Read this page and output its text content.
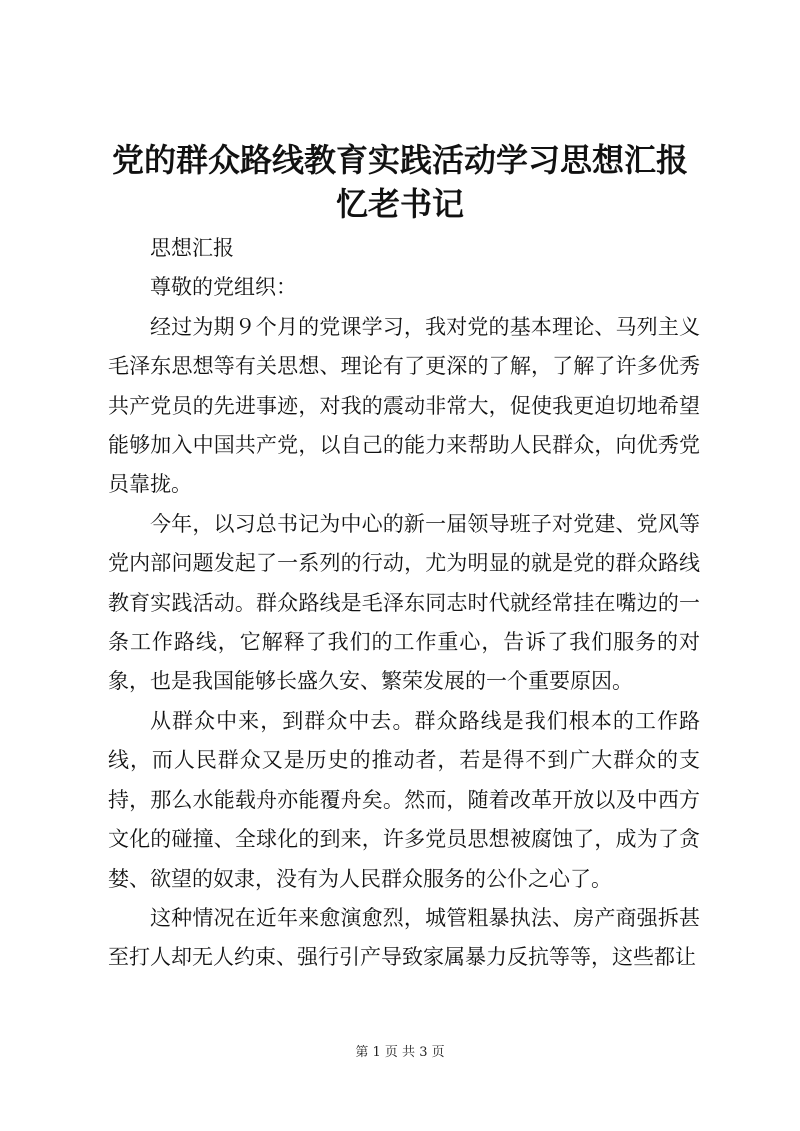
党的群众路线教育实践活动学习思想汇报忆老书记

思想汇报

尊敬的党组织：

经过为期９个月的党课学习，我对党的基本理论、马列主义毛泽东思想等有关思想、理论有了更深的了解，了解了许多优秀共产党员的先进事迹，对我的震动非常大，促使我更迫切地希望能够加入中国共产党，以自己的能力来帮助人民群众，向优秀党员靠拢。

今年，以习总书记为中心的新一届领导班子对党建、党风等党内部问题发起了一系列的行动，尤为明显的就是党的群众路线教育实践活动。群众路线是毛泽东同志时代就经常挂在嘴边的一条工作路线，它解释了我们的工作重心，告诉了我们服务的对象，也是我国能够长盛久安、繁荣发展的一个重要原因。

从群众中来，到群众中去。群众路线是我们根本的工作路线，而人民群众又是历史的推动者，若是得不到广大群众的支持，那么水能载舟亦能覆舟矣。然而，随着改革开放以及中西方文化的碰撞、全球化的到来，许多党员思想被腐蚀了，成为了贪婪、欲望的奴隶，没有为人民群众服务的公仆之心了。

这种情况在近年来愈演愈烈，城管粗暴执法、房产商强拆甚至打人却无人约束、强行引产导致家属暴力反抗等等，这些都让

第 1 页 共 3 页
